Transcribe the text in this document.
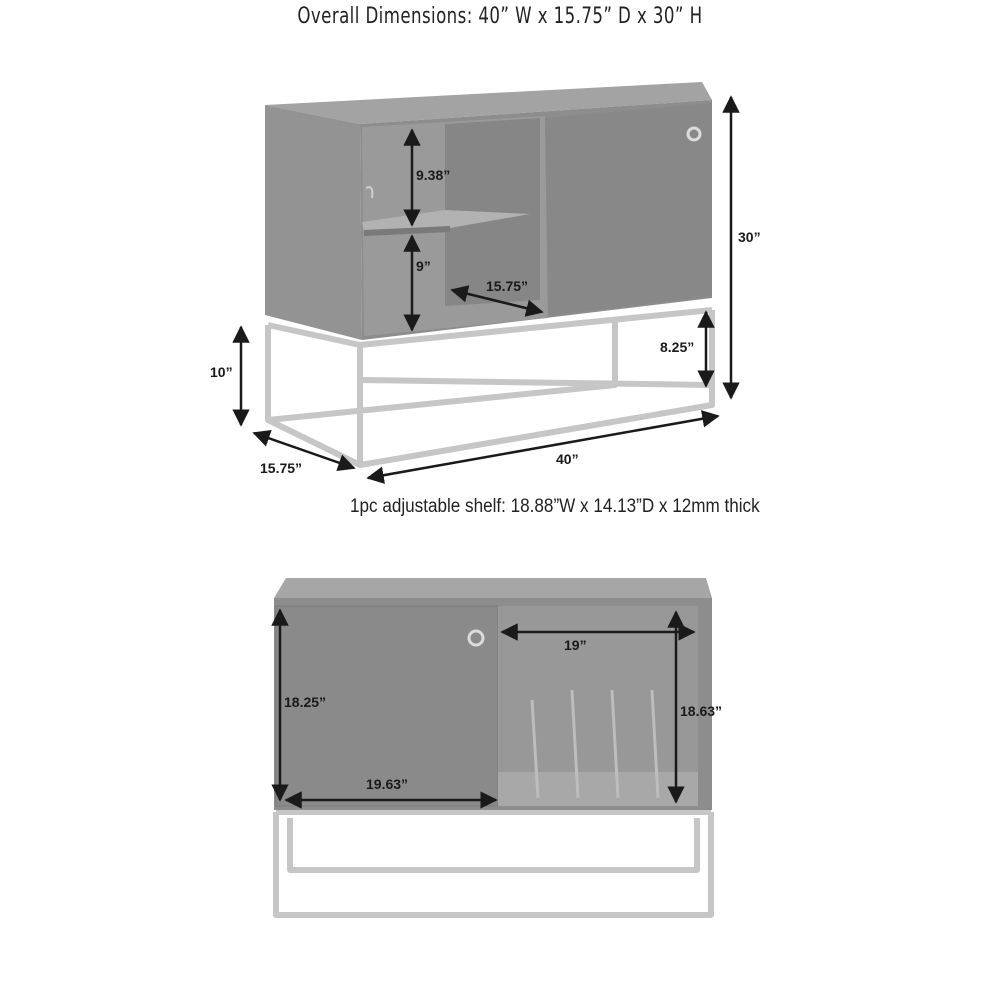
Overall Dimensions: 40” W x 15.75” D x 30” H
9.38”
9”
15.75”
30”
8.25”
10”
15.75”
40”
18.25”
19.63”
19”
18.63”
1pc adjustable shelf: 18.88”W x 14.13”D x 12mm thick
